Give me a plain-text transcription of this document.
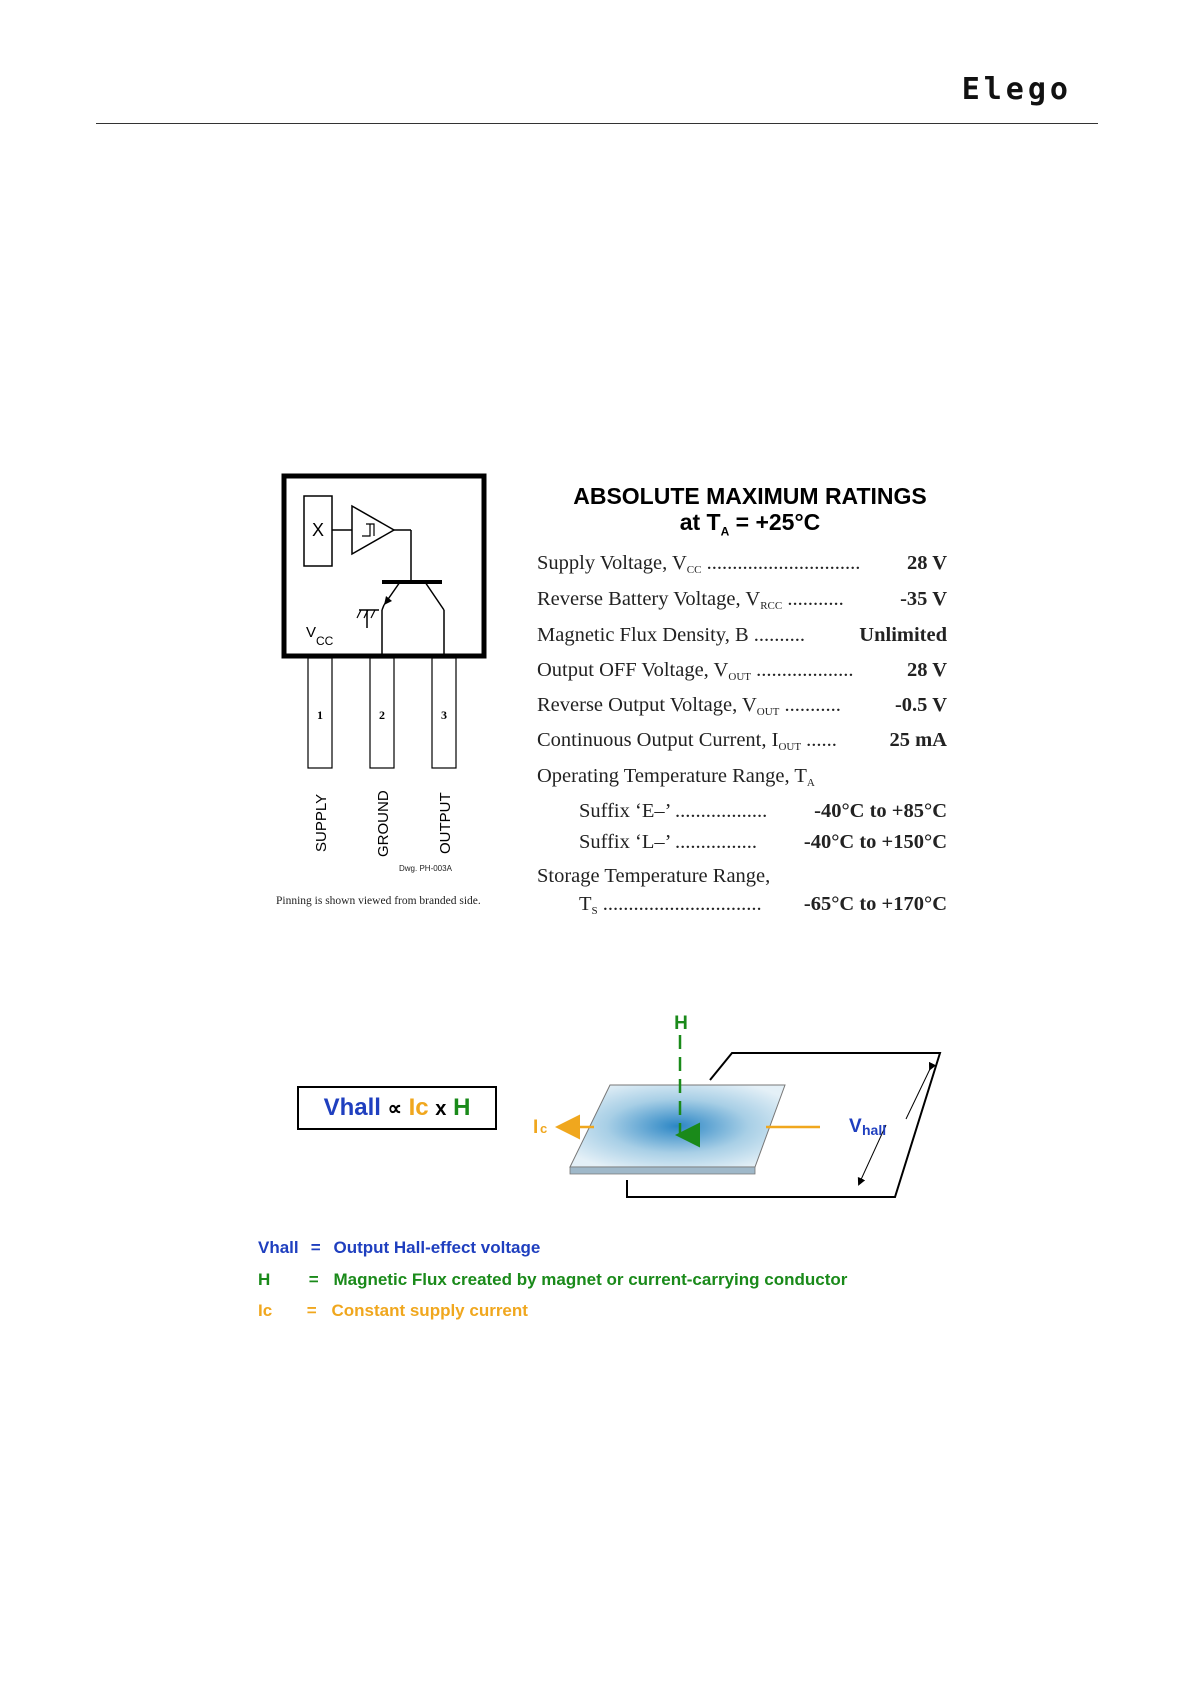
Elego
X
V CC
1	2	3
SUPPLY	GROUND	OUTPUT
Dwg. PH-003A
Pinning is shown viewed from branded side.
ABSOLUTE MAXIMUM RATINGS
at $T_A = +25^\circ C$
Supply Voltage, $V_{CC}$ .............................. 28 V
Reverse Battery Voltage, $V_{RCC}$ ...........	-35 V
Magnetic Flux Density, B ..........	Unlimited
Output OFF Voltage, $V_{OUT}$ ...................	28 V
Reverse Output Voltage, $V_{OUT}$ ...........	-0.5 V
Continuous Output Current, $I_{OUT}$ ......	25 mA
Operating Temperature Range, $T_A$
Suffix ‘E–’ .................. -40°C to +85°C
Suffix ‘L–’ ................ -40°C to +150°C
Storage Temperature Range,
$T_S$ ............................... -65°C to +170°C
Vhall ∝ Ic x H
H
I c	V hall
Vhall = Output Hall-effect voltage
H = Magnetic Flux created by magnet or current-carrying conductor
Ic = Constant supply current
